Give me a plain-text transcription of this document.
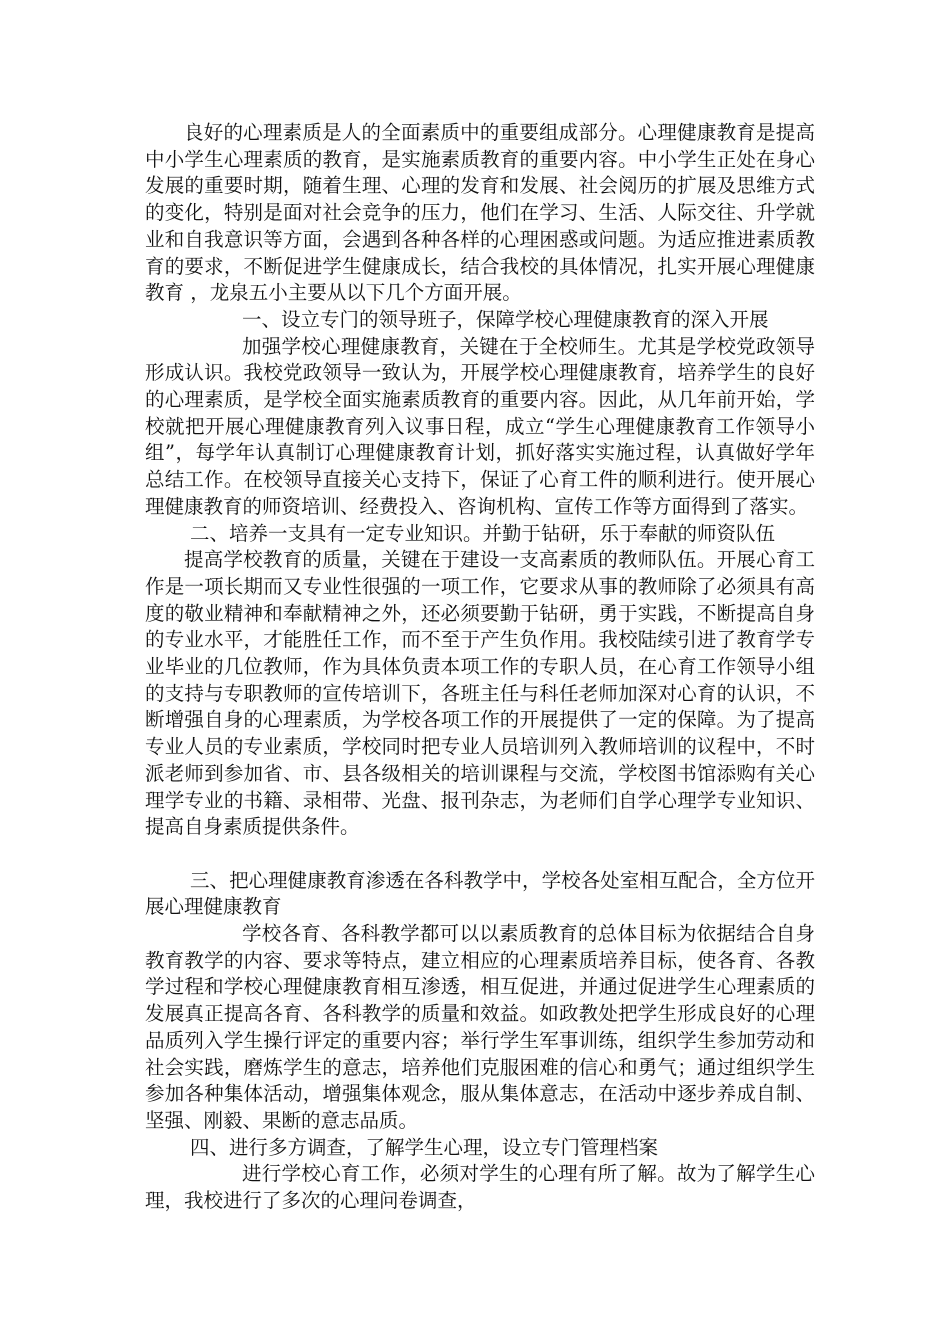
良好的心理素质是人的全面素质中的重要组成部分。心理健康教育是提高中小学生心理素质的教育，是实施素质教育的重要内容。中小学生正处在身心发展的重要时期，随着生理、心理的发育和发展、社会阅历的扩展及思维方式的变化，特别是面对社会竞争的压力，他们在学习、生活、人际交往、升学就业和自我意识等方面，会遇到各种各样的心理困惑或问题。为适应推进素质教育的要求，不断促进学生健康成长，结合我校的具体情况，扎实开展心理健康教育 ，龙泉五小主要从以下几个方面开展。

一、设立专门的领导班子，保障学校心理健康教育的深入开展

加强学校心理健康教育，关键在于全校师生。尤其是学校党政领导形成认识。我校党政领导一致认为，开展学校心理健康教育，培养学生的良好的心理素质，是学校全面实施素质教育的重要内容。因此，从几年前开始，学校就把开展心理健康教育列入议事日程，成立“学生心理健康教育工作领导小组”，每学年认真制订心理健康教育计划，抓好落实实施过程，认真做好学年总结工作。在校领导直接关心支持下，保证了心育工件的顺利进行。使开展心理健康教育的师资培训、经费投入、咨询机构、宣传工作等方面得到了落实。

二、培养一支具有一定专业知识。并勤于钻研，乐于奉献的师资队伍

提高学校教育的质量，关键在于建设一支高素质的教师队伍。开展心育工作是一项长期而又专业性很强的一项工作，它要求从事的教师除了必须具有高度的敬业精神和奉献精神之外，还必须要勤于钻研，勇于实践，不断提高自身的专业水平，才能胜任工作，而不至于产生负作用。我校陆续引进了教育学专业毕业的几位教师，作为具体负责本项工作的专职人员，在心育工作领导小组的支持与专职教师的宣传培训下，各班主任与科任老师加深对心育的认识，不断增强自身的心理素质，为学校各项工作的开展提供了一定的保障。为了提高专业人员的专业素质，学校同时把专业人员培训列入教师培训的议程中，不时派老师到参加省、市、县各级相关的培训课程与交流，学校图书馆添购有关心理学专业的书籍、录相带、光盘、报刊杂志，为老师们自学心理学专业知识、提高自身素质提供条件。

三、把心理健康教育渗透在各科教学中，学校各处室相互配合，全方位开展心理健康教育

学校各育、各科教学都可以以素质教育的总体目标为依据结合自身教育教学的内容、要求等特点，建立相应的心理素质培养目标，使各育、各教学过程和学校心理健康教育相互渗透，相互促进，并通过促进学生心理素质的发展真正提高各育、各科教学的质量和效益。如政教处把学生形成良好的心理品质列入学生操行评定的重要内容；举行学生军事训练，组织学生参加劳动和社会实践，磨炼学生的意志，培养他们克服困难的信心和勇气；通过组织学生参加各种集体活动，增强集体观念，服从集体意志，在活动中逐步养成自制、坚强、刚毅、果断的意志品质。

四、进行多方调查，了解学生心理，设立专门管理档案

进行学校心育工作，必须对学生的心理有所了解。故为了解学生心理，我校进行了多次的心理问卷调查，
